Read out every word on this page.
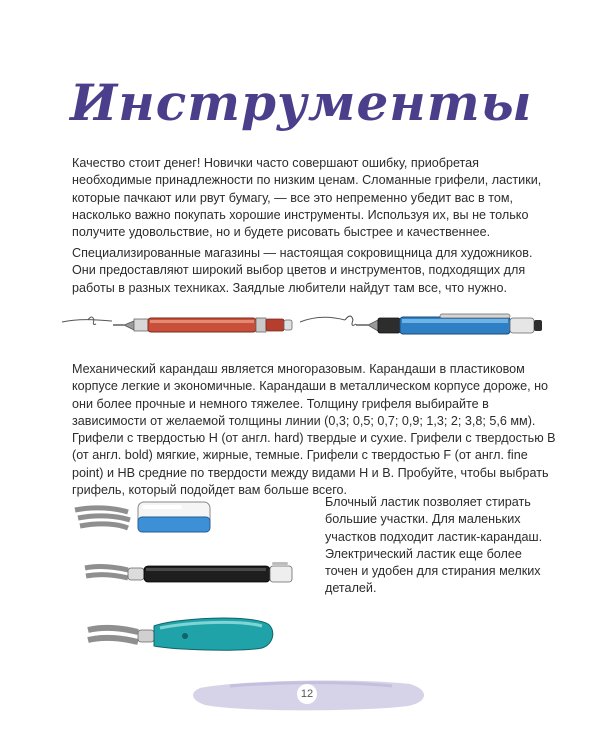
Инструменты
Качество стоит денег! Новички часто совершают ошибку, приобретая необходимые принадлежности по низким ценам. Сломанные грифели, ластики, которые пачкают или рвут бумагу, — все это непременно убедит вас в том, насколько важно покупать хорошие инструменты. Используя их, вы не только получите удовольствие, но и будете рисовать быстрее и качественнее.
Специализированные магазины — настоящая сокровищница для художников. Они предоставляют широкий выбор цветов и инструментов, подходящих для работы в разных техниках. Заядлые любители найдут там все, что нужно.
Механический карандаш является многоразовым. Карандаши в пластиковом корпусе легкие и экономичные. Карандаши в металлическом корпусе дороже, но они более прочные и немного тяжелее. Толщину грифеля выбирайте в зависимости от желаемой толщины линии (0,3; 0,5; 0,7; 0,9; 1,3; 2; 3,8; 5,6 мм). Грифели с твердостью H (от англ. hard) твердые и сухие. Грифели с твердостью B (от англ. bold) мягкие, жирные, темные. Грифели с твердостью F (от англ. fine point) и HB средние по твердости между видами H и B. Пробуйте, чтобы выбрать грифель, который подойдет вам больше всего.
Блочный ластик позволяет стирать большие участки. Для маленьких участков подходит ластик-карандаш. Электрический ластик еще более точен и удобен для стирания мелких деталей.
12
